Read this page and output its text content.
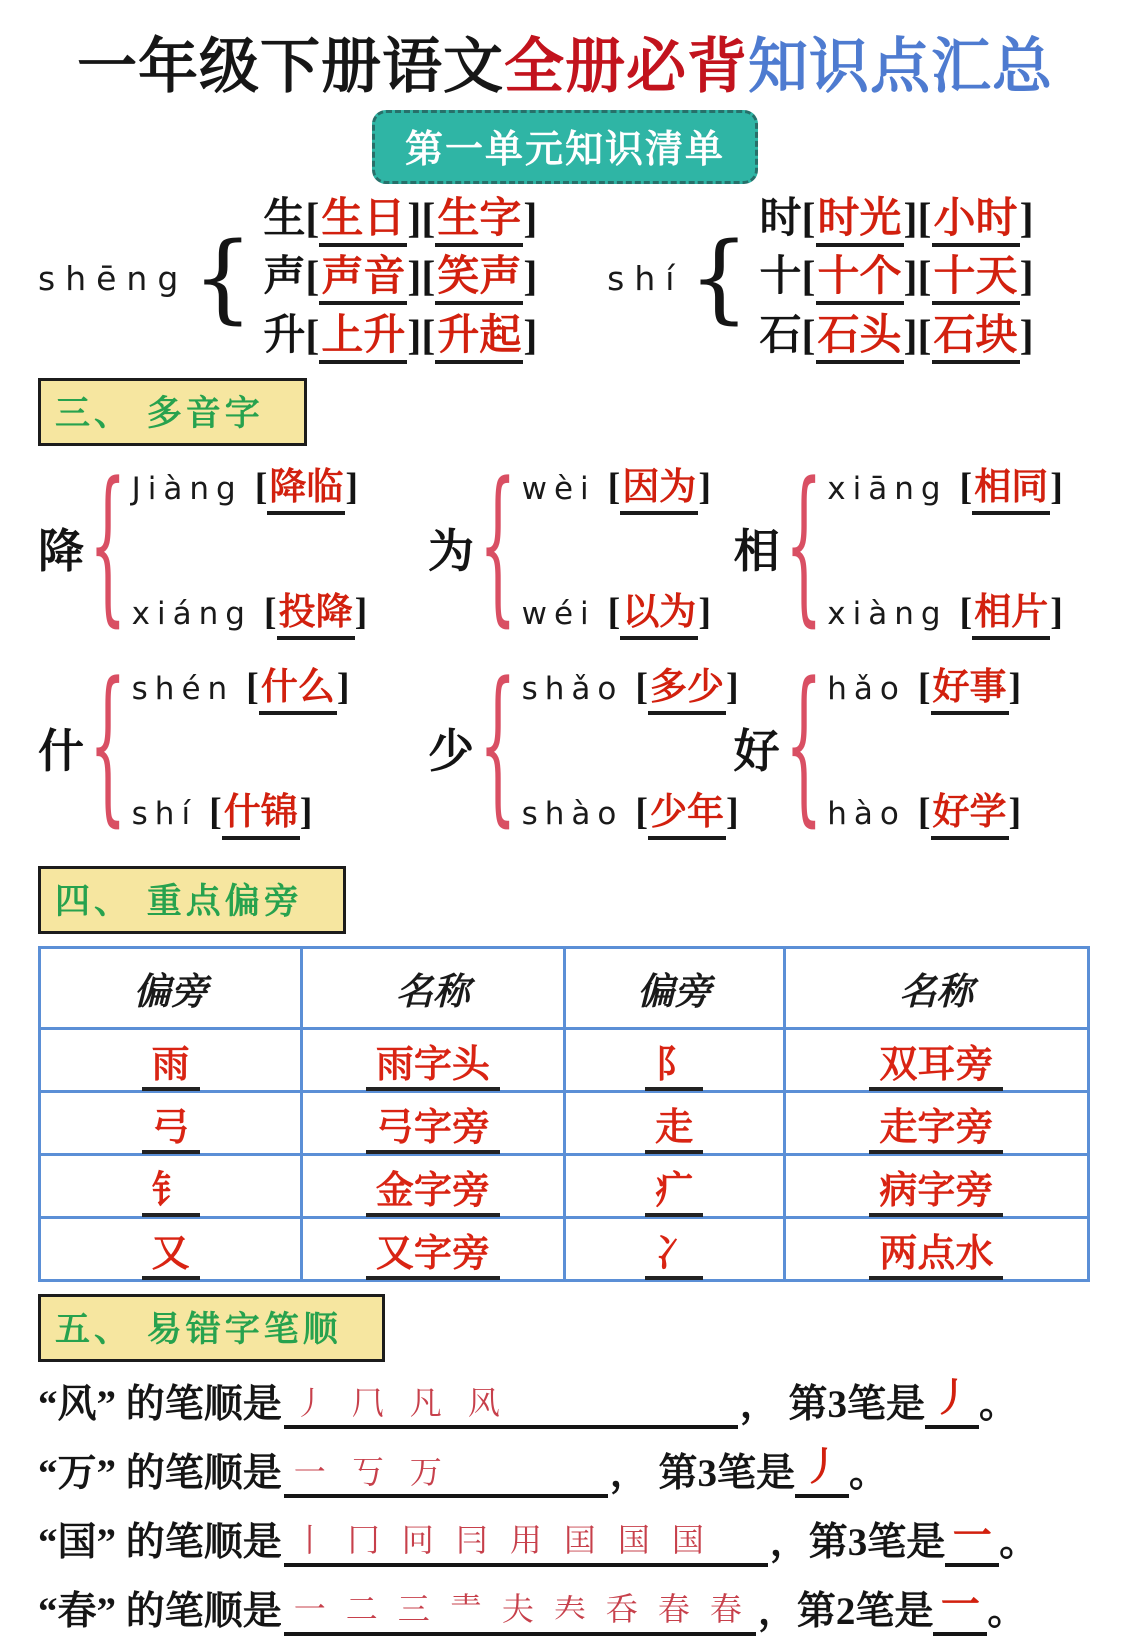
一年级下册语文全册必背知识点汇总
第一单元知识清单
shēng {
生[生日][生字]
声[声音][笑声]
升[上升][升起]
shí {
时[时光][小时]
十[十个][十天]
石[石头][石块]
三、 多音字
降 { Jiàng [ 降临 ]
xiáng [ 投降 ]
为 { wèi [ 因为 ]
wéi [ 以为 ]
相 { xiāng [ 相同 ]
xiàng [ 相片 ]
什 { shén [ 什么 ]
shí [ 什锦 ]
少 { shǎo [ 多少 ]
shào [ 少年 ]
好 { hǎo [ 好事 ]
hào [ 好学 ]
四、 重点偏旁
偏旁	名称	偏旁	名称
雨	雨字头	阝	双耳旁
弓	弓字旁	走	走字旁
钅	金字旁	疒	病字旁
又	又字旁	冫	两点水
五、 易错字笔顺
“风” 的笔顺是 丿 𠘨 凡 风	， 第3笔是 丿 。
“万” 的笔顺是 一 丂 万	， 第3笔是 丿 。
“国” 的笔顺是 丨 冂 冋 冃 用 囯 国 国 ，第3笔是 一 。
“春” 的笔顺是 一 二 三 龶 夫 𡗗 呑 春 春 ，第2笔是 一 。
